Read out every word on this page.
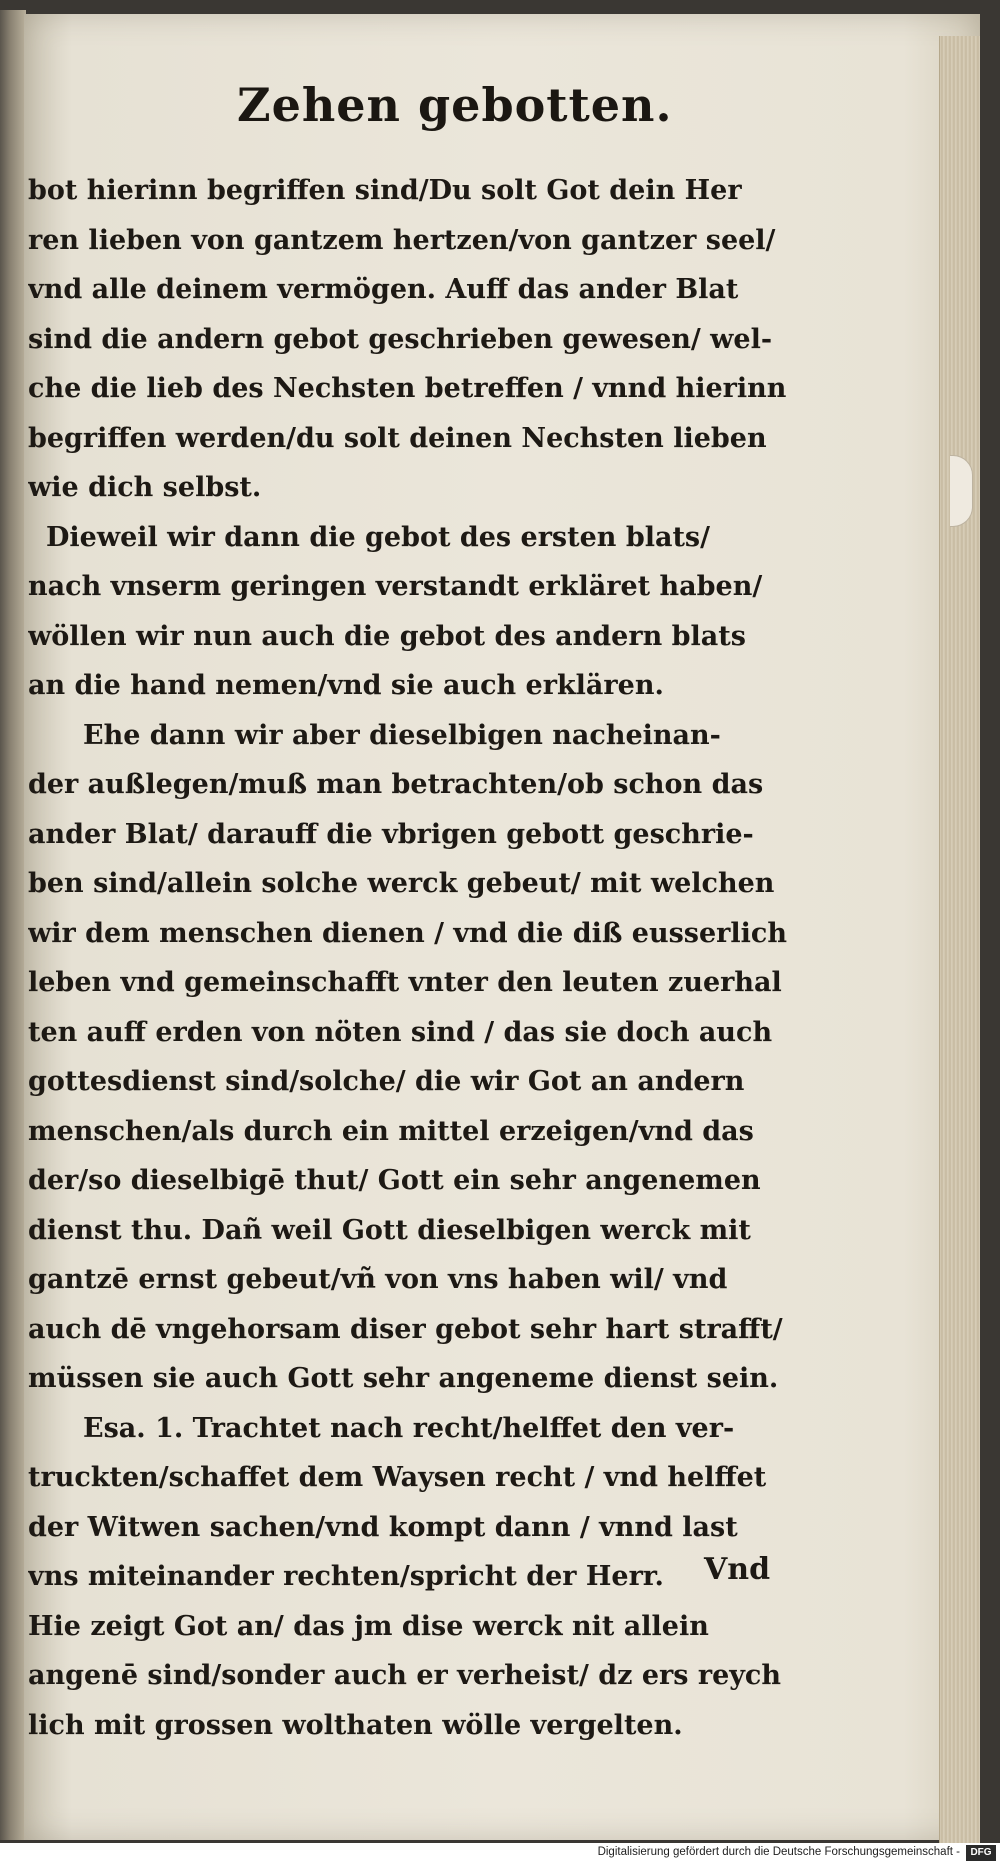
Zehen gebotten.
bot hierinn begriffen sind/Du solt Got dein Her
ren lieben von gantzem hertzen/von gantzer seel/
vnd alle deinem vermögen. Auff das ander Blat
sind die andern gebot geschrieben gewesen/ wel-
che die lieb des Nechsten betreffen / vnnd hierinn
begriffen werden/du solt deinen Nechsten lieben
wie dich selbst.
Dieweil wir dann die gebot des ersten blats/
nach vnserm geringen verstandt erkläret haben/
wöllen wir nun auch die gebot des andern blats
an die hand nemen/vnd sie auch erklären.
Ehe dann wir aber dieselbigen nacheinan-
der außlegen/muß man betrachten/ob schon das
ander Blat/ darauff die vbrigen gebott geschrie-
ben sind/allein solche werck gebeut/ mit welchen
wir dem menschen dienen / vnd die diß eusserlich
leben vnd gemeinschafft vnter den leuten zuerhal
ten auff erden von nöten sind / das sie doch auch
gottesdienst sind/solche/ die wir Got an andern
menschen/als durch ein mittel erzeigen/vnd das
der/so dieselbigē thut/ Gott ein sehr angenemen
dienst thu. Dañ weil Gott dieselbigen werck mit
gantzē ernst gebeut/vñ von vns haben wil/ vnd
auch dē vngehorsam diser gebot sehr hart strafft/
müssen sie auch Gott sehr angeneme dienst sein.
Esa. 1. Trachtet nach recht/helffet den ver-
truckten/schaffet dem Waysen recht / vnd helffet
der Witwen sachen/vnd kompt dann / vnnd last
vns miteinander rechten/spricht der Herr.
Hie zeigt Got an/ das jm dise werck nit allein
angenē sind/sonder auch er verheist/ dz ers reych
lich mit grossen wolthaten wölle vergelten.
Vnd
Digitalisierung gefördert durch die Deutsche Forschungsgemeinschaft -	DFG
